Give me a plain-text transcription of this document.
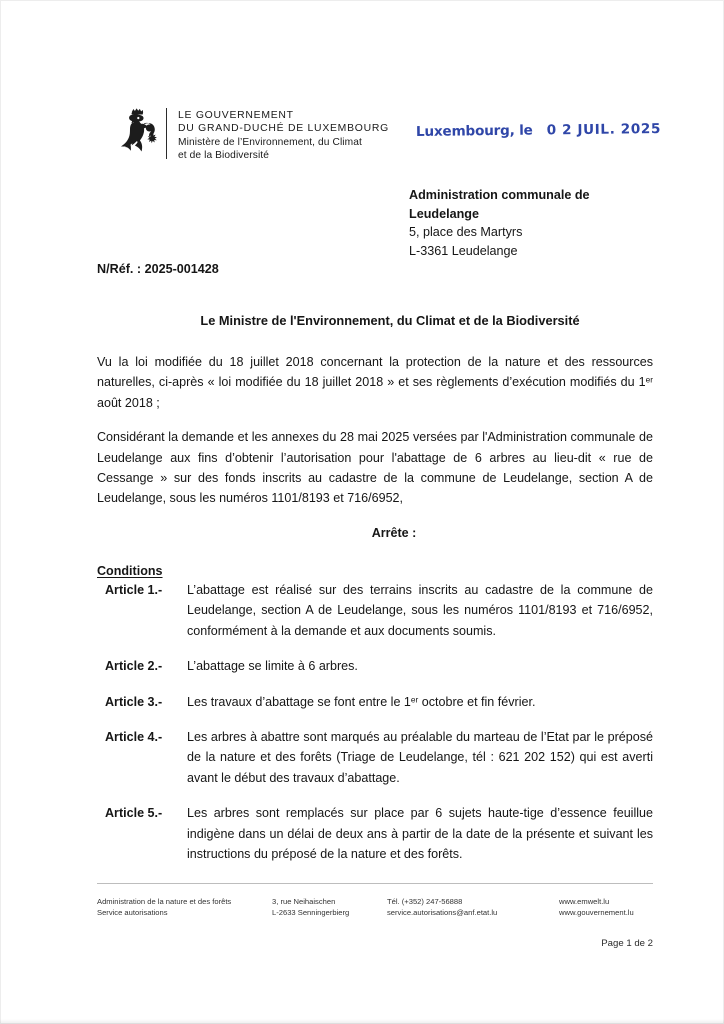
LE GOUVERNEMENT
DU GRAND-DUCHÉ DE LUXEMBOURG
Ministère de l’Environnement, du Climat
et de la Biodiversité
Luxembourg, le 0 2 JUIL. 2025
Administration communale de
Leudelange
5, place des Martyrs
L-3361 Leudelange
N/Réf. : 2025-001428
Le Ministre de l'Environnement, du Climat et de la Biodiversité

Vu la loi modifiée du 18 juillet 2018 concernant la protection de la nature et des ressources naturelles, ci-après « loi modifiée du 18 juillet 2018 » et ses règlements d’exécution modifiés du 1er août 2018 ;

Considérant la demande et les annexes du 28 mai 2025 versées par l'Administration communale de Leudelange aux fins d’obtenir l’autorisation pour l'abattage de 6 arbres au lieu-dit « rue de Cessange » sur des fonds inscrits au cadastre de la commune de Leudelange, section A de Leudelange, sous les numéros 1101/8193 et 716/6952,

Arrête :

Conditions

Article 1.-	L’abattage est réalisé sur des terrains inscrits au cadastre de la commune de Leudelange, section A de Leudelange, sous les numéros 1101/8193 et 716/6952, conformément à la demande et aux documents soumis.
Article 2.-	L’abattage se limite à 6 arbres.
Article 3.-	Les travaux d’abattage se font entre le 1er octobre et fin février.
Article 4.-	Les arbres à abattre sont marqués au préalable du marteau de l’Etat par le préposé de la nature et des forêts (Triage de Leudelange, tél : 621 202 152) qui est averti avant le début des travaux d’abattage.
Article 5.-	Les arbres sont remplacés sur place par 6 sujets haute-tige d’essence feuillue indigène dans un délai de deux ans à partir de la date de la présente et suivant les instructions du préposé de la nature et des forêts.
Administration de la nature et des forêts
Service autorisations
3, rue Neihaischen
L-2633 Senningerbierg
Tél. (+352) 247-56888
service.autorisations@anf.etat.lu
www.emwelt.lu
www.gouvernement.lu
Page 1 de 2
